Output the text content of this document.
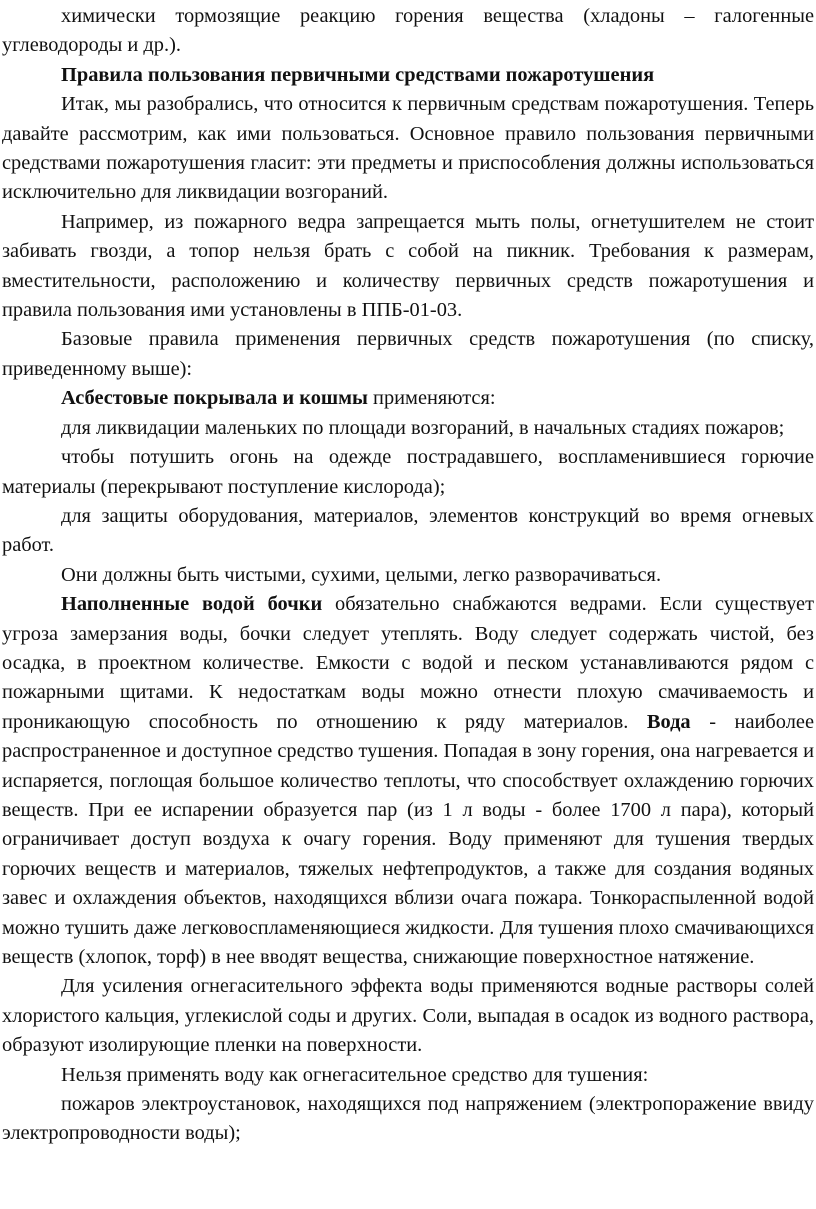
химически тормозящие реакцию горения вещества (хладоны – галогенные углеводороды и др.).

Правила пользования первичными средствами пожаротушения

Итак, мы разобрались, что относится к первичным средствам пожаротушения. Теперь давайте рассмотрим, как ими пользоваться. Основное правило пользования первичными средствами пожаротушения гласит: эти предметы и приспособления должны использоваться исключительно для ликвидации возгораний.

Например, из пожарного ведра запрещается мыть полы, огнетушителем не стоит забивать гвозди, а топор нельзя брать с собой на пикник. Требования к размерам, вместительности, расположению и количеству первичных средств пожаротушения и правила пользования ими установлены в ППБ-01-03.

Базовые правила применения первичных средств пожаротушения (по списку, приведенному выше):

Асбестовые покрывала и кошмы применяются:

для ликвидации маленьких по площади возгораний, в начальных стадиях пожаров;

чтобы потушить огонь на одежде пострадавшего, воспламенившиеся горючие материалы (перекрывают поступление кислорода);

для защиты оборудования, материалов, элементов конструкций во время огневых работ.

Они должны быть чистыми, сухими, целыми, легко разворачиваться.

Наполненные водой бочки обязательно снабжаются ведрами. Если существует угроза замерзания воды, бочки следует утеплять. Воду следует содержать чистой, без осадка, в проектном количестве. Емкости с водой и песком устанавливаются рядом с пожарными щитами. К недостаткам воды можно отнести плохую смачиваемость и проникающую способность по отношению к ряду материалов. Вода - наиболее распространенное и доступное средство тушения. Попадая в зону горения, она нагревается и испаряется, поглощая большое количество теплоты, что способствует охлаждению горючих веществ. При ее испарении образуется пар (из 1 л воды - более 1700 л пара), который ограничивает доступ воздуха к очагу горения. Воду применяют для тушения твердых горючих веществ и материалов, тяжелых нефтепродуктов, а также для создания водяных завес и охлаждения объектов, находящихся вблизи очага пожара. Тонкораспыленной водой можно тушить даже легковоспламеняющиеся жидкости. Для тушения плохо смачивающихся веществ (хлопок, торф) в нее вводят вещества, снижающие поверхностное натяжение.

Для усиления огнегасительного эффекта воды применяются водные растворы солей хлористого кальция, углекислой соды и других. Соли, выпадая в осадок из водного раствора, образуют изолирующие пленки на поверхности.

Нельзя применять воду как огнегасительное средство для тушения:

пожаров электроустановок, находящихся под напряжением (электропоражение ввиду электропроводности воды);
